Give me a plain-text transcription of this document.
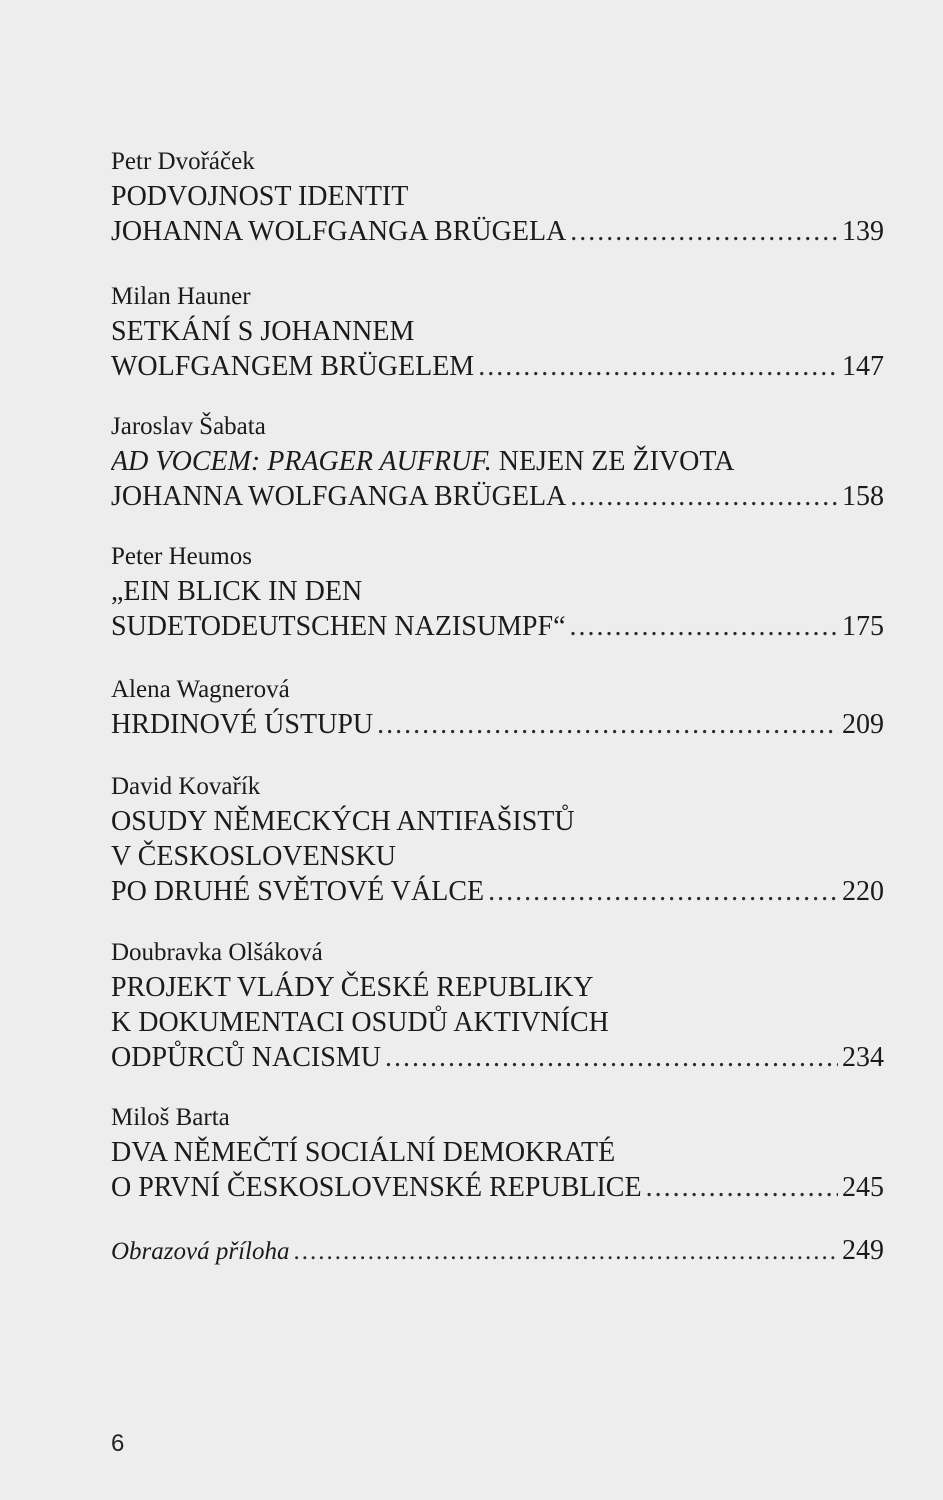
Petr Dvořáček
PODVOJNOST IDENTIT
JOHANNA WOLFGANGA BRÜGELA .....	139
Milan Hauner
SETKÁNÍ S JOHANNEM
WOLFGANGEM BRÜGELEM .....	147
Jaroslav Šabata
AD VOCEM: PRAGER AUFRUF. NEJEN ZE ŽIVOTA
JOHANNA WOLFGANGA BRÜGELA .....	158
Peter Heumos
„EIN BLICK IN DEN
SUDETODEUTSCHEN NAZISUMPF“ .....	175
Alena Wagnerová
HRDINOVÉ ÚSTUPU .....	209
David Kovařík
OSUDY NĚMECKÝCH ANTIFAŠISTŮ
V ČESKOSLOVENSKU
PO DRUHÉ SVĚTOVÉ VÁLCE .....	220
Doubravka Olšáková
PROJEKT VLÁDY ČESKÉ REPUBLIKY
K DOKUMENTACI OSUDŮ AKTIVNÍCH
ODPŮRCŮ NACISMU .....	234
Miloš Barta
DVA NĚMEČTÍ SOCIÁLNÍ DEMOKRATÉ
O PRVNÍ ČESKOSLOVENSKÉ REPUBLICE .....	245
Obrazová příloha .....	249
6
